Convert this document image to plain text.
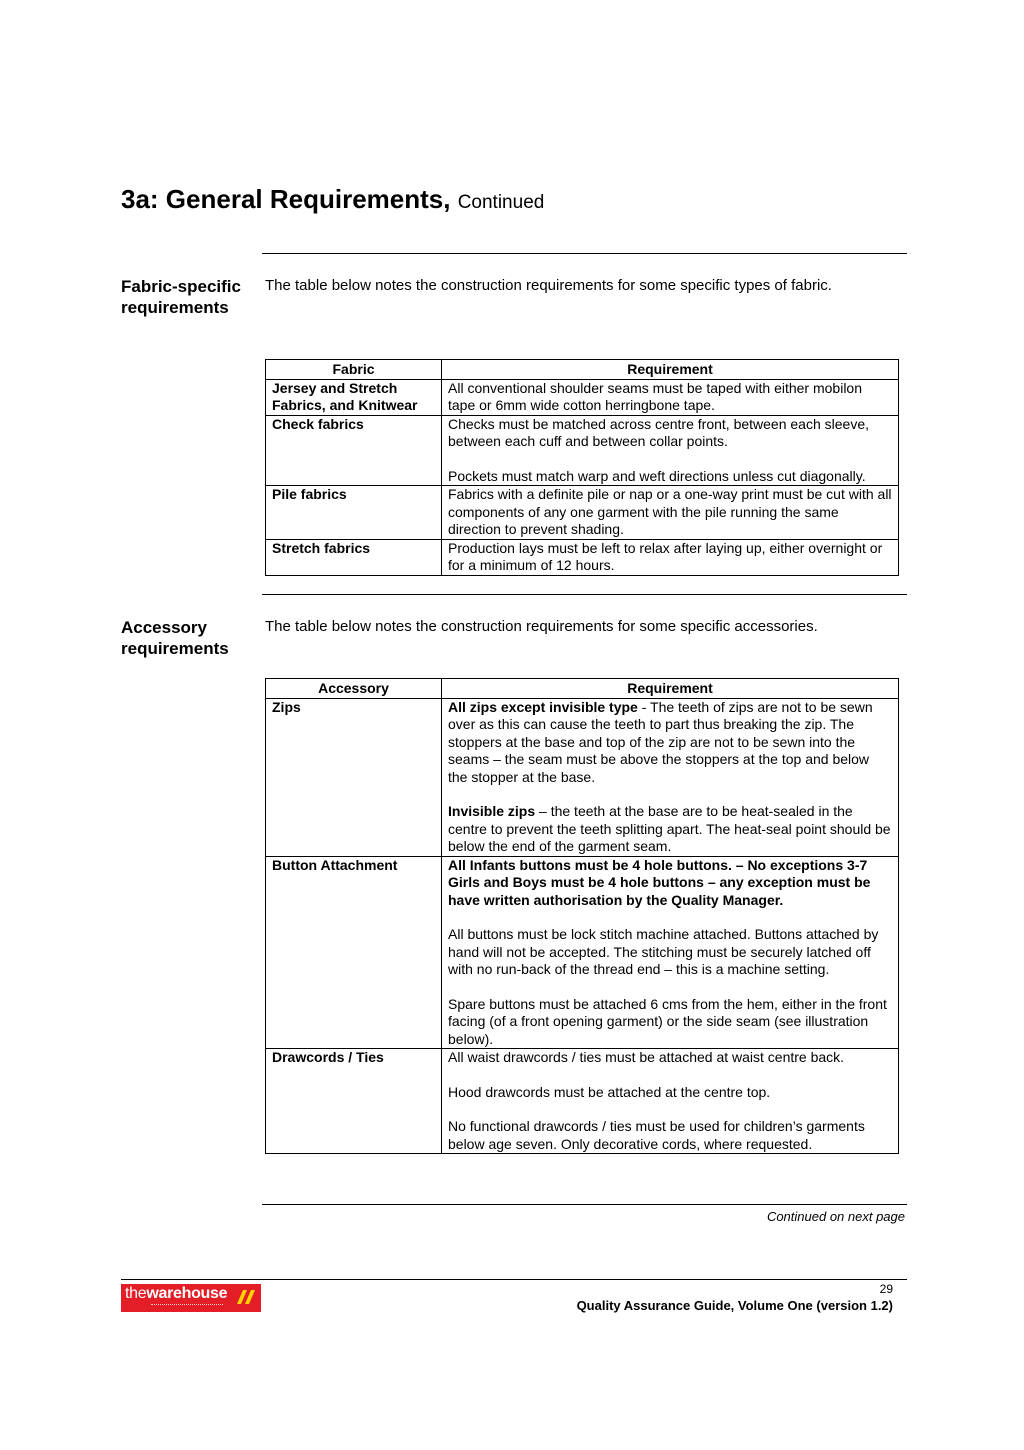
3a: General Requirements, Continued
Fabric-specific requirements
The table below notes the construction requirements for some specific types of fabric.
Fabric	Requirement
Jersey and Stretch Fabrics, and Knitwear	All conventional shoulder seams must be taped with either mobilon tape or 6mm wide cotton herringbone tape.

Check fabrics	Checks must be matched across centre front, between each sleeve, between each cuff and between collar points.

Pockets must match warp and weft directions unless cut diagonally.

Pile fabrics	Fabrics with a definite pile or nap or a one-way print must be cut with all components of any one garment with the pile running the same direction to prevent shading.

Stretch fabrics	Production lays must be left to relax after laying up, either overnight or for a minimum of 12 hours.

Accessory requirements
The table below notes the construction requirements for some specific accessories.
Accessory	Requirement
Zips	All zips except invisible type - The teeth of zips are not to be sewn over as this can cause the teeth to part thus breaking the zip. The stoppers at the base and top of the zip are not to be sewn into the seams – the seam must be above the stoppers at the top and below the stopper at the base.

Invisible zips – the teeth at the base are to be heat-sealed in the centre to prevent the teeth splitting apart. The heat-seal point should be below the end of the garment seam.

Button Attachment	All Infants buttons must be 4 hole buttons. – No exceptions 3-7 Girls and Boys must be 4 hole buttons – any exception must be have written authorisation by the Quality Manager.

All buttons must be lock stitch machine attached. Buttons attached by hand will not be accepted. The stitching must be securely latched off with no run-back of the thread end – this is a machine setting.

Spare buttons must be attached 6 cms from the hem, either in the front facing (of a front opening garment) or the side seam (see illustration below).

Drawcords / Ties	All waist drawcords / ties must be attached at waist centre back.

Hood drawcords must be attached at the centre top.

No functional drawcords / ties must be used for children’s garments below age seven. Only decorative cords, where requested.

Continued on next page
thewarehouse	29
Quality Assurance Guide, Volume One (version 1.2)
